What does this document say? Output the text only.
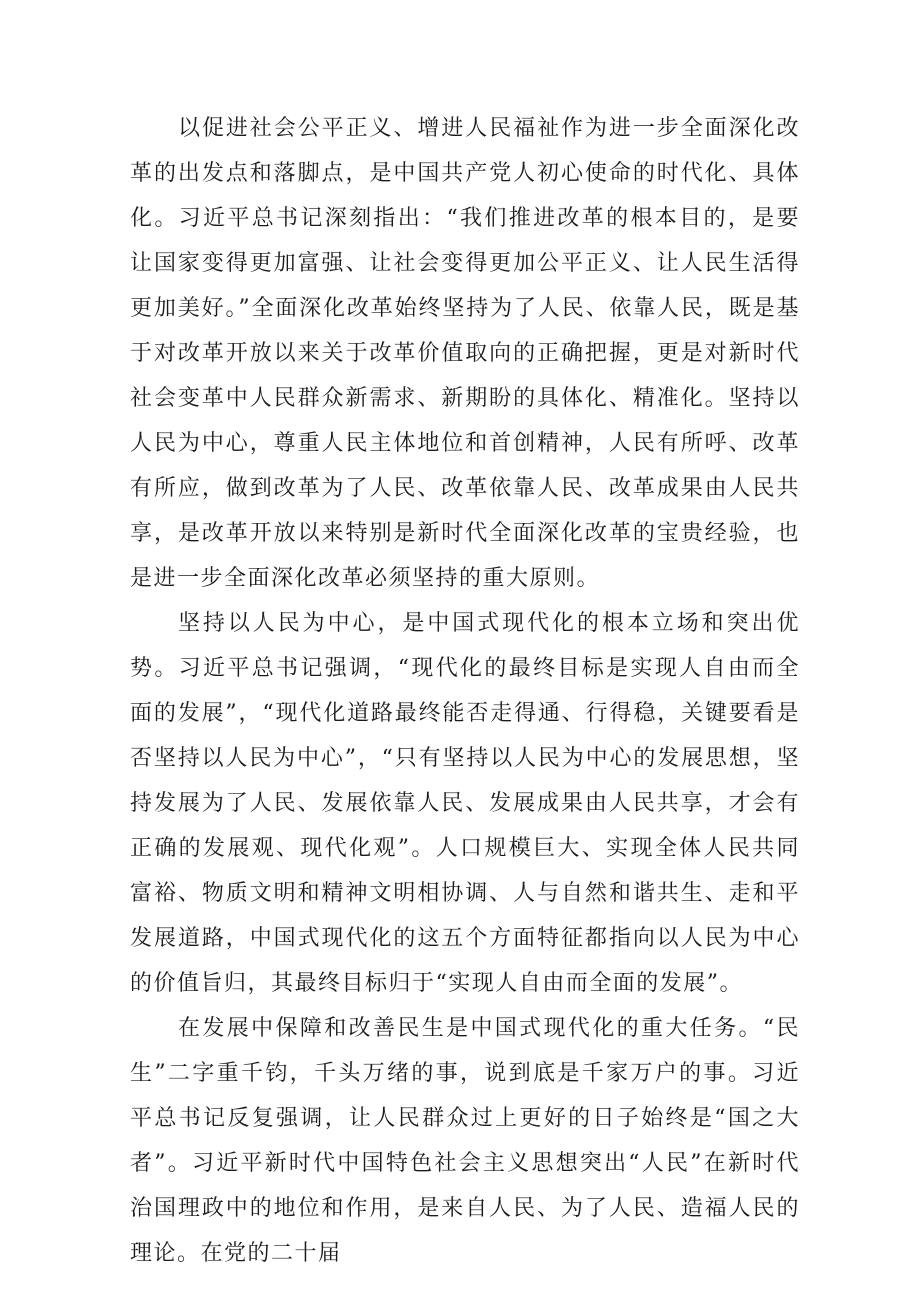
以促进社会公平正义、增进人民福祉作为进一步全面深化改革的出发点和落脚点，是中国共产党人初心使命的时代化、具体化。习近平总书记深刻指出：“我们推进改革的根本目的，是要让国家变得更加富强、让社会变得更加公平正义、让人民生活得更加美好。”全面深化改革始终坚持为了人民、依靠人民，既是基于对改革开放以来关于改革价值取向的正确把握，更是对新时代社会变革中人民群众新需求、新期盼的具体化、精准化。坚持以人民为中心，尊重人民主体地位和首创精神，人民有所呼、改革有所应，做到改革为了人民、改革依靠人民、改革成果由人民共享，是改革开放以来特别是新时代全面深化改革的宝贵经验，也是进一步全面深化改革必须坚持的重大原则。

坚持以人民为中心，是中国式现代化的根本立场和突出优势。习近平总书记强调，“现代化的最终目标是实现人自由而全面的发展”，“现代化道路最终能否走得通、行得稳，关键要看是否坚持以人民为中心”，“只有坚持以人民为中心的发展思想，坚持发展为了人民、发展依靠人民、发展成果由人民共享，才会有正确的发展观、现代化观”。人口规模巨大、实现全体人民共同富裕、物质文明和精神文明相协调、人与自然和谐共生、走和平发展道路，中国式现代化的这五个方面特征都指向以人民为中心的价值旨归，其最终目标归于“实现人自由而全面的发展”。

在发展中保障和改善民生是中国式现代化的重大任务。“民生”二字重千钧，千头万绪的事，说到底是千家万户的事。习近平总书记反复强调，让人民群众过上更好的日子始终是“国之大者”。习近平新时代中国特色社会主义思想突出“人民”在新时代治国理政中的地位和作用，是来自人民、为了人民、造福人民的理论。在党的二十届
